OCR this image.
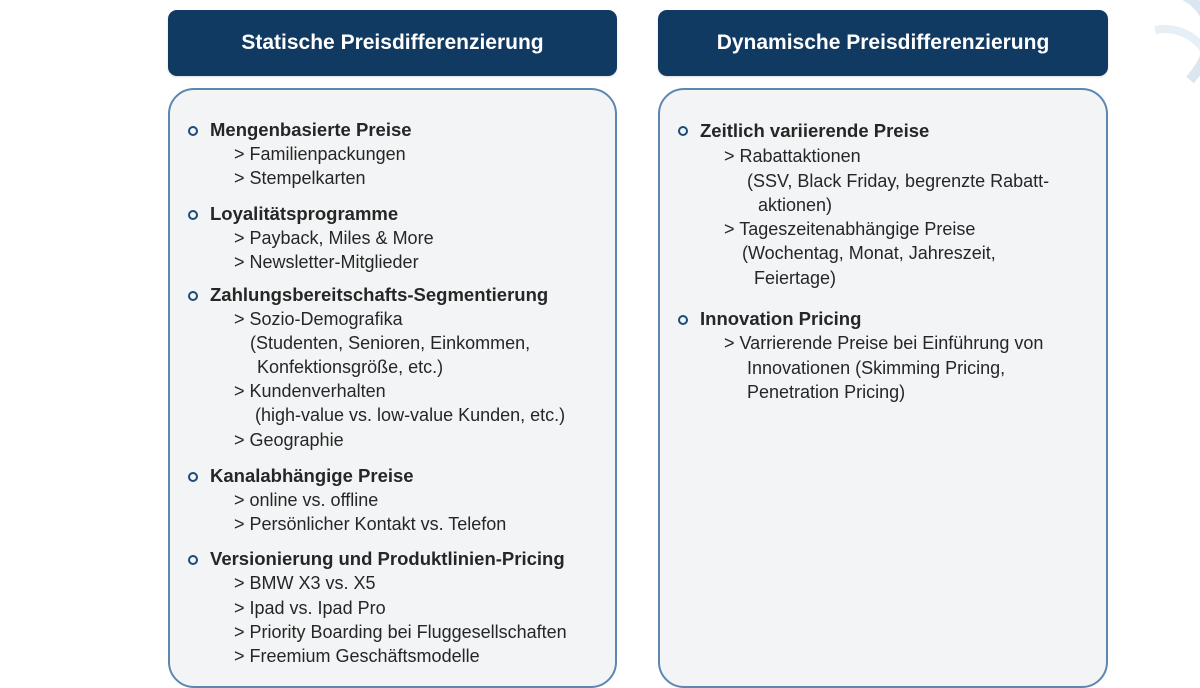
Statische Preisdifferenzierung	Dynamische Preisdifferenzierung
Mengenbasierte Preise
> Familienpackungen
> Stempelkarten
Loyalitätsprogramme
> Payback, Miles & More
> Newsletter-Mitglieder
Zahlungsbereitschafts-Segmentierung
> Sozio-Demografika
(Studenten, Senioren, Einkommen,
Konfektionsgröße, etc.)
> Kundenverhalten
(high-value vs. low-value Kunden, etc.)
> Geographie
Kanalabhängige Preise
> online vs. offline
> Persönlicher Kontakt vs. Telefon
Versionierung und Produktlinien-Pricing
> BMW X3 vs. X5
> Ipad vs. Ipad Pro
> Priority Boarding bei Fluggesellschaften
> Freemium Geschäftsmodelle
Zeitlich variierende Preise
> Rabattaktionen
(SSV, Black Friday, begrenzte Rabatt-
aktionen)
> Tageszeitenabhängige Preise
(Wochentag, Monat, Jahreszeit,
Feiertage)
Innovation Pricing
> Varrierende Preise bei Einführung von
Innovationen (Skimming Pricing,
Penetration Pricing)
